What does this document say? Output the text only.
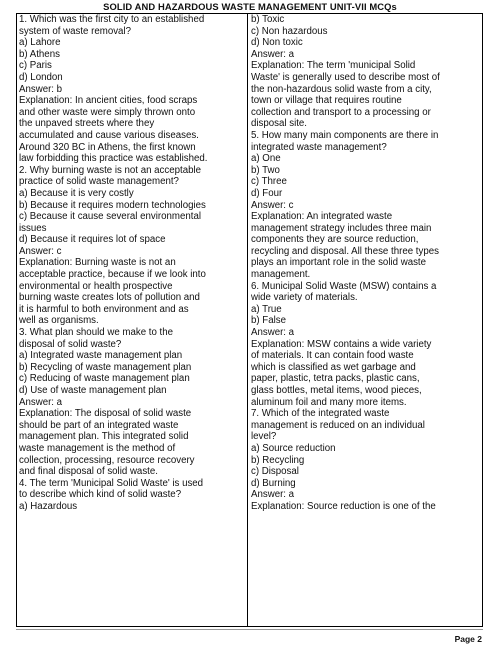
SOLID AND HAZARDOUS WASTE MANAGEMENT UNIT-VII MCQs
1. Which was the first city to an established
system of waste removal?
a) Lahore
b) Athens
c) Paris
d) London
Answer: b
Explanation: In ancient cities, food scraps
and other waste were simply thrown onto
the unpaved streets where they
accumulated and cause various diseases.
Around 320 BC in Athens, the first known
law forbidding this practice was established.
2. Why burning waste is not an acceptable
practice of solid waste management?
a) Because it is very costly
b) Because it requires modern technologies
c) Because it cause several environmental
issues
d) Because it requires lot of space
Answer: c
Explanation: Burning waste is not an
acceptable practice, because if we look into
environmental or health prospective
burning waste creates lots of pollution and
it is harmful to both environment and as
well as organisms.
3. What plan should we make to the
disposal of solid waste?
a) Integrated waste management plan
b) Recycling of waste management plan
c) Reducing of waste management plan
d) Use of waste management plan
Answer: a
Explanation: The disposal of solid waste
should be part of an integrated waste
management plan. This integrated solid
waste management is the method of
collection, processing, resource recovery
and final disposal of solid waste.
4. The term 'Municipal Solid Waste' is used
to describe which kind of solid waste?
a) Hazardous
b) Toxic
c) Non hazardous
d) Non toxic
Answer: a
Explanation: The term 'municipal Solid
Waste' is generally used to describe most of
the non-hazardous solid waste from a city,
town or village that requires routine
collection and transport to a processing or
disposal site.
5. How many main components are there in
integrated waste management?
a) One
b) Two
c) Three
d) Four
Answer: c
Explanation: An integrated waste
management strategy includes three main
components they are source reduction,
recycling and disposal. All these three types
plays an important role in the solid waste
management.
6. Municipal Solid Waste (MSW) contains a
wide variety of materials.
a) True
b) False
Answer: a
Explanation: MSW contains a wide variety
of materials. It can contain food waste
which is classified as wet garbage and
paper, plastic, tetra packs, plastic cans,
glass bottles, metal items, wood pieces,
aluminum foil and many more items.
7. Which of the integrated waste
management is reduced on an individual
level?
a) Source reduction
b) Recycling
c) Disposal
d) Burning
Answer: a
Explanation: Source reduction is one of the
Page 2
